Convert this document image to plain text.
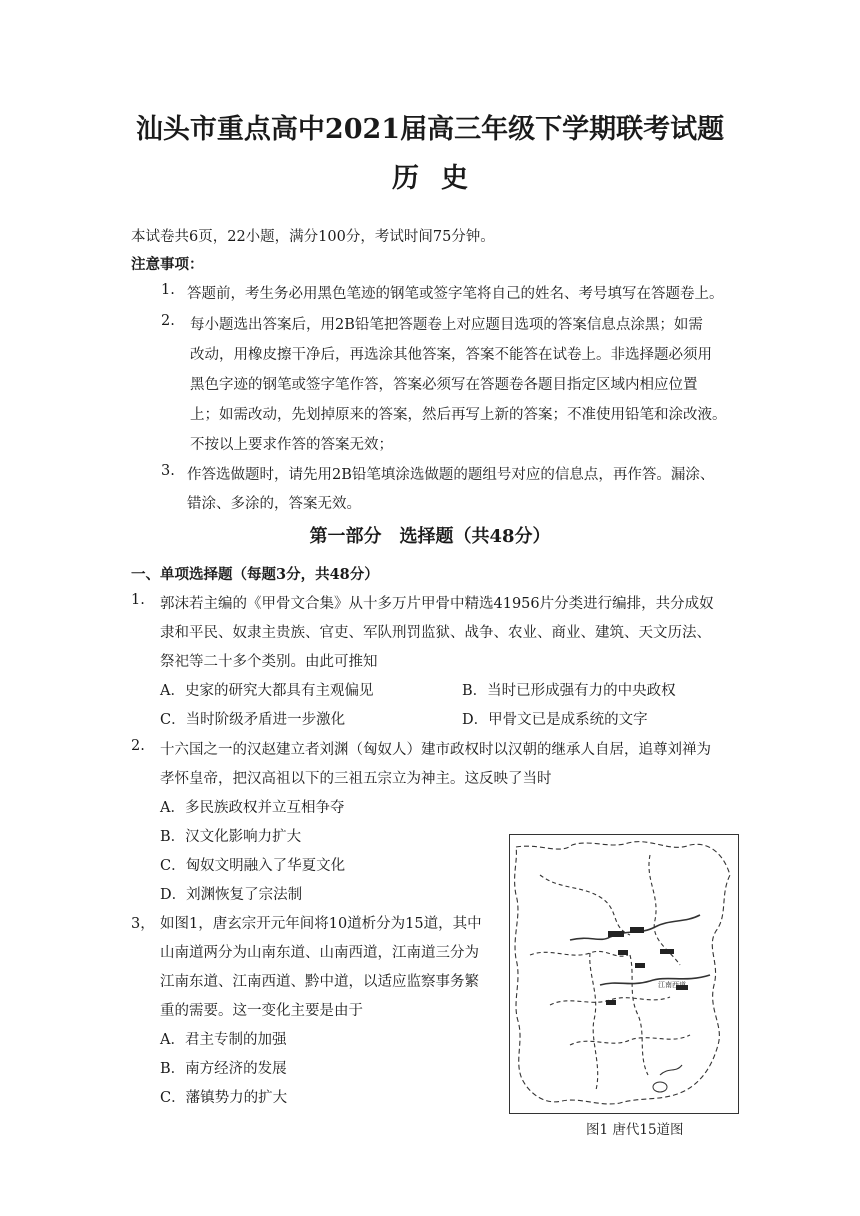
汕头市重点高中2021届高三年级下学期联考试题
历史
本试卷共6页，22小题，满分100分，考试时间75分钟。
注意事项：
1. 答题前，考生务必用黑色笔迹的钢笔或签字笔将自己的姓名、考号填写在答题卷上。
2. 每小题选出答案后，用2B铅笔把答题卷上对应题目选项的答案信息点涂黑；如需
改动，用橡皮擦干净后，再选涂其他答案，答案不能答在试卷上。非选择题必须用
黑色字迹的钢笔或签字笔作答，答案必须写在答题卷各题目指定区域内相应位置
上；如需改动，先划掉原来的答案，然后再写上新的答案；不准使用铅笔和涂改液。
不按以上要求作答的答案无效；
3. 作答选做题时，请先用2B铅笔填涂选做题的题组号对应的信息点，再作答。漏涂、
错涂、多涂的，答案无效。
第一部分　选择题（共48分）
一、单项选择题（每题3分，共48分）
1. 郭沫若主编的《甲骨文合集》从十多万片甲骨中精选41956片分类进行编排，共分成奴
隶和平民、奴隶主贵族、官吏、军队刑罚监狱、战争、农业、商业、建筑、天文历法、
祭祀等二十多个类别。由此可推知
A．史家的研究大都具有主观偏见	B．当时已形成强有力的中央政权
C．当时阶级矛盾进一步激化	D．甲骨文已是成系统的文字
2. 十六国之一的汉赵建立者刘渊（匈奴人）建市政权时以汉朝的继承人自居，追尊刘禅为
孝怀皇帝，把汉高祖以下的三祖五宗立为神主。这反映了当时
A．多民族政权并立互相争夺
B．汉文化影响力扩大
C．匈奴文明融入了华夏文化
D．刘渊恢复了宗法制
3， 如图1，唐玄宗开元年间将10道析分为15道，其中
山南道两分为山南东道、山南西道，江南道三分为
江南东道、江南西道、黔中道，以适应监察事务繁
重的需要。这一变化主要是由于
A．君主专制的加强
B．南方经济的发展
C．藩镇势力的扩大
江南西道
图1 唐代15道图
